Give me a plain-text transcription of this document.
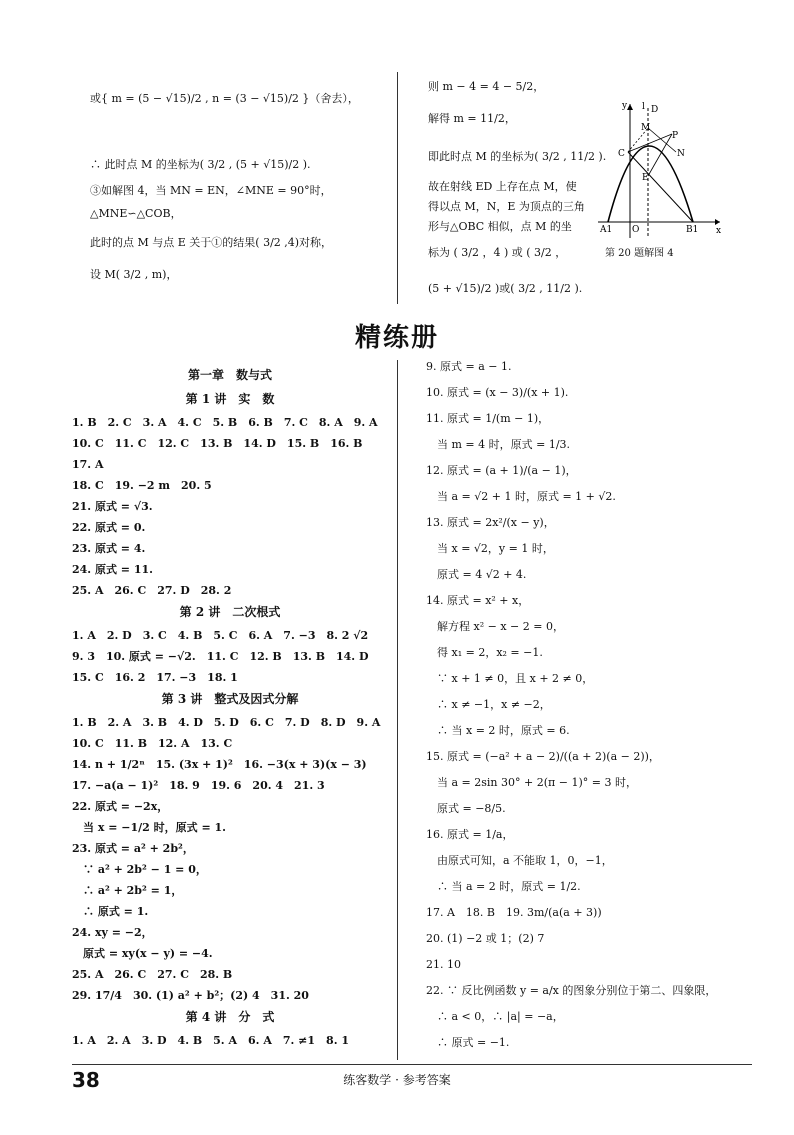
或{ m = (5 − √15)/2 , n = (3 − √15)/2 }（舍去），
∴ 此时点 M 的坐标为( 3/2 , (5 + √15)/2 ).
③如解图 4，当 MN = EN，∠MNE = 90°时，
△MNE∽△COB，
此时的点 M 与点 E 关于①的结果( 3/2 ,4)对称，
设 M( 3/2 , m)，
则 m − 4 = 4 − 5/2，
解得 m = 11/2，
即此时点 M 的坐标为( 3/2 , 11/2 ).
故在射线 ED 上存在点 M，使
得以点 M，N，E 为顶点的三角
形与△OBC 相似，点 M 的坐
标为 ( 3/2 ，4 ) 或 ( 3/2 ，
(5 + √15)/2 )或( 3/2 , 11/2 ).
y
x
O
A1	B1
C
D
l
E
P
N
M
第 20 题解图 4
精练册
第一章　数与式
第 1 讲　实　数
1. B　2. C　3. A　4. C　5. B　6. B　7. C　8. A　9. A
10. C　11. C　12. C　13. B　14. D　15. B　16. B
17. A
18. C　19. −2 m　20. 5
21. 原式 = √3.
22. 原式 = 0.
23. 原式 = 4.
24. 原式 = 11.
25. A　26. C　27. D　28. 2
第 2 讲　二次根式
1. A　2. D　3. C　4. B　5. C　6. A　7. −3　8. 2 √2
9. 3　10. 原式 = −√2.　11. C　12. B　13. B　14. D
15. C　16. 2　17. −3　18. 1
第 3 讲　整式及因式分解
1. B　2. A　3. B　4. D　5. D　6. C　7. D　8. D　9. A
10. C　11. B　12. A　13. C
14. n + 1/2ⁿ　15. (3x + 1)²　16. −3(x + 3)(x − 3)
17. −a(a − 1)²　18. 9　19. 6　20. 4　21. 3
22. 原式 = −2x，
　当 x = −1/2 时，原式 = 1.
23. 原式 = a² + 2b²，
　∵ a² + 2b² − 1 = 0，
　∴ a² + 2b² = 1，
　∴ 原式 = 1.
24. xy = −2，
　原式 = xy(x − y) = −4.
25. A　26. C　27. C　28. B
29. 17/4　30. (1) a² + b²；(2) 4　31. 20
第 4 讲　分　式
1. A　2. A　3. D　4. B　5. A　6. A　7. ≠1　8. 1
9. 原式 = a − 1.
10. 原式 = (x − 3)/(x + 1).
11. 原式 = 1/(m − 1)，
　当 m = 4 时，原式 = 1/3.
12. 原式 = (a + 1)/(a − 1)，
　当 a = √2 + 1 时，原式 = 1 + √2.
13. 原式 = 2x²/(x − y)，
　当 x = √2，y = 1 时，
　原式 = 4 √2 + 4.
14. 原式 = x² + x，
　解方程 x² − x − 2 = 0，
　得 x₁ = 2，x₂ = −1.
　∵ x + 1 ≠ 0，且 x + 2 ≠ 0，
　∴ x ≠ −1，x ≠ −2，
　∴ 当 x = 2 时，原式 = 6.
15. 原式 = (−a² + a − 2)/((a + 2)(a − 2))，
　当 a = 2sin 30° + 2(π − 1)° = 3 时，
　原式 = −8/5.
16. 原式 = 1/a，
　由原式可知，a 不能取 1，0，−1，
　∴ 当 a = 2 时，原式 = 1/2.
17. A　18. B　19. 3m/(a(a + 3))
20. (1) −2 或 1；(2) 7
21. 10
22. ∵ 反比例函数 y = a/x 的图象分别位于第二、四象限，
　∴ a < 0，∴ |a| = −a，
　∴ 原式 = −1.
38	练客数学 · 参考答案
